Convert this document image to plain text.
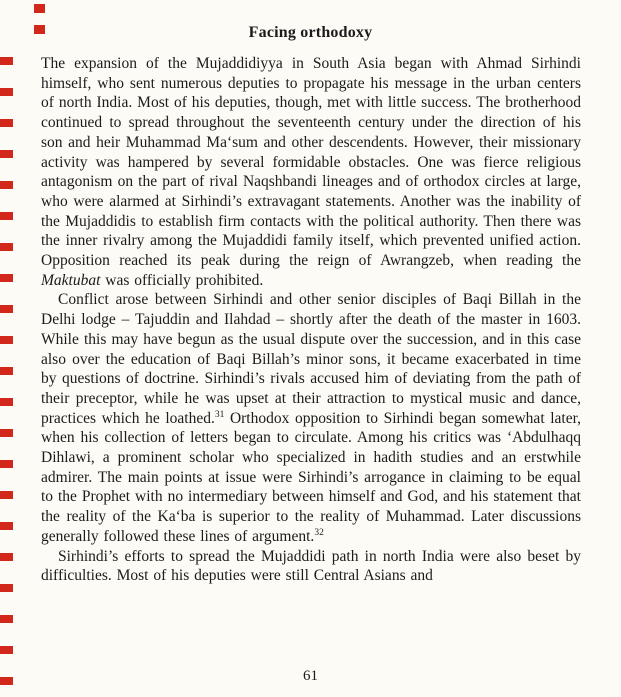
Facing orthodoxy

The expansion of the Mujaddidiyya in South Asia began with Ahmad Sirhindi himself, who sent numerous deputies to propagate his message in the urban centers of north India. Most of his deputies, though, met with little success. The brotherhood continued to spread throughout the seventeenth century under the direction of his son and heir Muhammad Ma‘sum and other descendents. However, their missionary activity was hampered by several formidable obstacles. One was fierce religious antagonism on the part of rival Naqshbandi lineages and of orthodox circles at large, who were alarmed at Sirhindi’s extravagant statements. Another was the inability of the Mujaddidis to establish firm contacts with the political authority. Then there was the inner rivalry among the Mujaddidi family itself, which prevented unified action. Opposition reached its peak during the reign of Awrangzeb, when reading the Maktubat was officially prohibited.

Conflict arose between Sirhindi and other senior disciples of Baqi Billah in the Delhi lodge – Tajuddin and Ilahdad – shortly after the death of the master in 1603. While this may have begun as the usual dispute over the succession, and in this case also over the education of Baqi Billah’s minor sons, it became exacerbated in time by questions of doctrine. Sirhindi’s rivals accused him of deviating from the path of their preceptor, while he was upset at their attraction to mystical music and dance, practices which he loathed.$^{31}$ Orthodox opposition to Sirhindi began somewhat later, when his collection of letters began to circulate. Among his critics was ‘Abdulhaqq Dihlawi, a prominent scholar who specialized in hadith studies and an erstwhile admirer. The main points at issue were Sirhindi’s arrogance in claiming to be equal to the Prophet with no intermediary between himself and God, and his statement that the reality of the Ka‘ba is superior to the reality of Muhammad. Later discussions generally followed these lines of argument.$^{32}$

Sirhindi’s efforts to spread the Mujaddidi path in north India were also beset by difficulties. Most of his deputies were still Central Asians and

61
